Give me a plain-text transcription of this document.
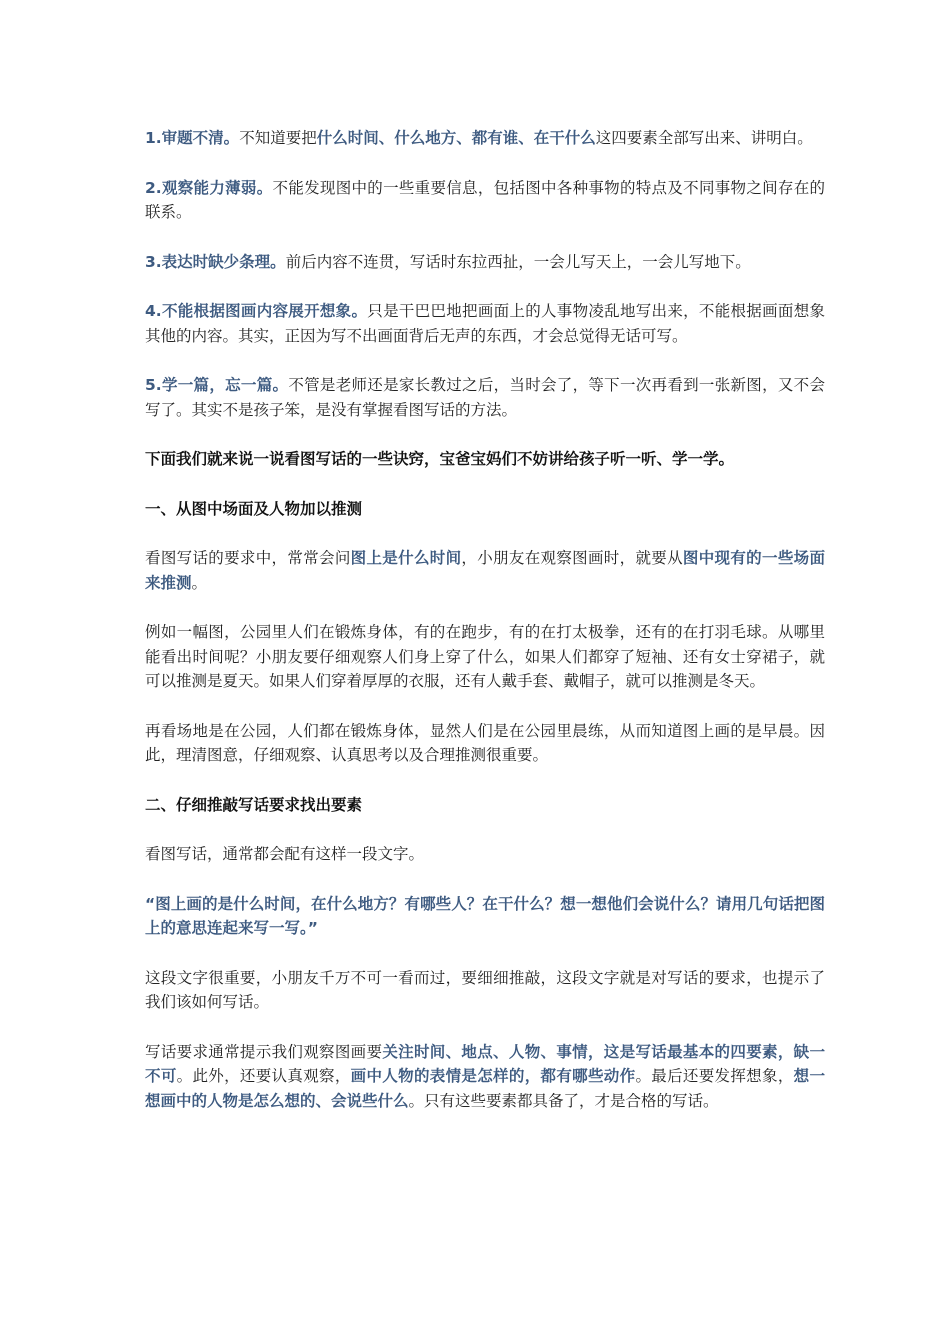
1.审题不清。不知道要把什么时间、什么地方、都有谁、在干什么这四要素全部写出来、讲明白。

2.观察能力薄弱。不能发现图中的一些重要信息，包括图中各种事物的特点及不同事物之间存在的联系。

3.表达时缺少条理。前后内容不连贯，写话时东拉西扯，一会儿写天上，一会儿写地下。

4.不能根据图画内容展开想象。只是干巴巴地把画面上的人事物凌乱地写出来，不能根据画面想象其他的内容。其实，正因为写不出画面背后无声的东西，才会总觉得无话可写。

5.学一篇，忘一篇。不管是老师还是家长教过之后，当时会了，等下一次再看到一张新图，又不会写了。其实不是孩子笨，是没有掌握看图写话的方法。

下面我们就来说一说看图写话的一些诀窍，宝爸宝妈们不妨讲给孩子听一听、学一学。

一、从图中场面及人物加以推测

看图写话的要求中，常常会问图上是什么时间，小朋友在观察图画时，就要从图中现有的一些场面来推测。

例如一幅图，公园里人们在锻炼身体，有的在跑步，有的在打太极拳，还有的在打羽毛球。从哪里能看出时间呢？小朋友要仔细观察人们身上穿了什么，如果人们都穿了短袖、还有女士穿裙子，就可以推测是夏天。如果人们穿着厚厚的衣服，还有人戴手套、戴帽子，就可以推测是冬天。

再看场地是在公园，人们都在锻炼身体，显然人们是在公园里晨练，从而知道图上画的是早晨。因此，理清图意，仔细观察、认真思考以及合理推测很重要。

二、仔细推敲写话要求找出要素

看图写话，通常都会配有这样一段文字。

“图上画的是什么时间，在什么地方？有哪些人？在干什么？想一想他们会说什么？请用几句话把图上的意思连起来写一写。”

这段文字很重要，小朋友千万不可一看而过，要细细推敲，这段文字就是对写话的要求，也提示了我们该如何写话。

写话要求通常提示我们观察图画要关注时间、地点、人物、事情，这是写话最基本的四要素，缺一不可。此外，还要认真观察，画中人物的表情是怎样的，都有哪些动作。最后还要发挥想象，想一想画中的人物是怎么想的、会说些什么。只有这些要素都具备了，才是合格的写话。
